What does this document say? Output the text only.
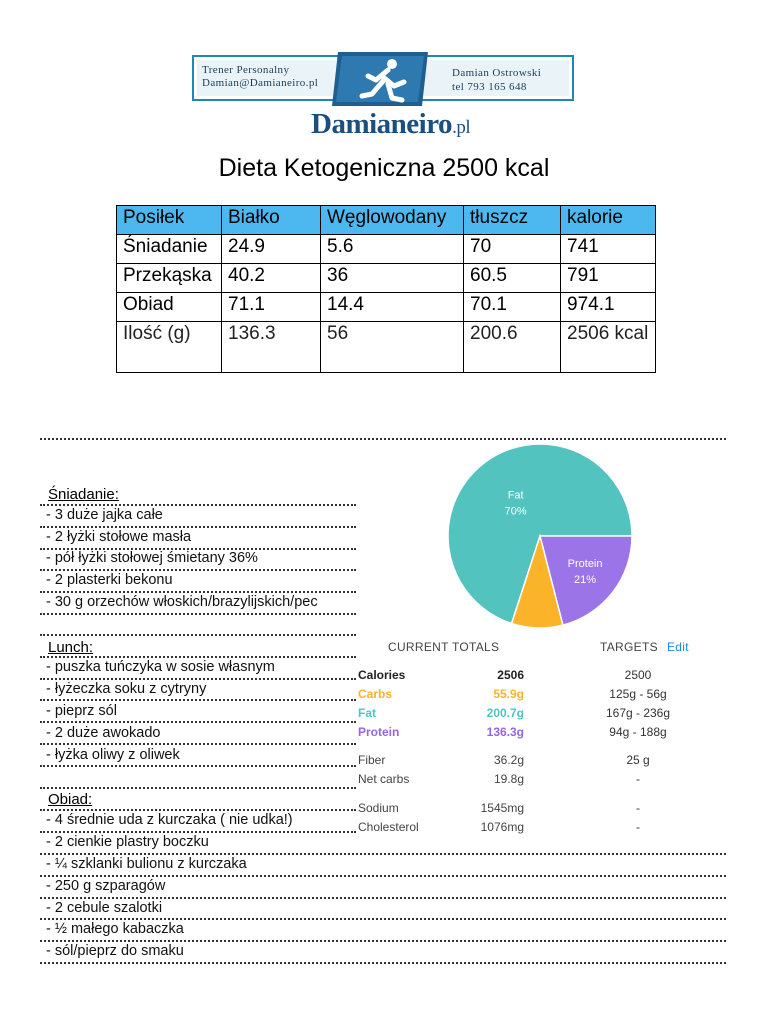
Trener Personalny
Damian@Damianeiro.pl
Damian Ostrowski
tel 793 165 648
Damianeiro.pl
Dieta Ketogeniczna 2500 kcal
Posiłek	Białko	Węglowodany	tłuszcz	kalorie
Śniadanie	24.9	5.6	70	741
Przekąska	40.2	36	60.5	791
Obiad	71.1	14.4	70.1	974.1
Ilość (g)	136.3	56	200.6	2506 kcal
Śniadanie:
- 3 duże jajka całe
- 2 łyżki stołowe masła
- pół łyżki stołowej śmietany 36%
- 2 plasterki bekonu
- 30 g orzechów włoskich/brazylijskich/pec
Lunch:
- puszka tuńczyka w sosie własnym
- łyżeczka soku z cytryny
- pieprz sól
- 2 duże awokado
- łyżka oliwy z oliwek
Obiad:
- 4 średnie uda z kurczaka ( nie udka!)
- 2 cienkie plastry boczku
- ¼ szklanki bulionu z kurczaka
- 250 g szparagów
- 2 cebule szalotki
- ½ małego kabaczka
- sól/pieprz do smaku
Fat
70%
Protein
21%
CURRENT TOTALS	TARGETS Edit
Calories	2506	2500
Carbs	55.9g	125g - 56g
Fat	200.7g	167g - 236g
Protein	136.3g	94g - 188g
Fiber	36.2g	25 g
Net carbs	19.8g	-
Sodium	1545mg	-
Cholesterol	1076mg	-
